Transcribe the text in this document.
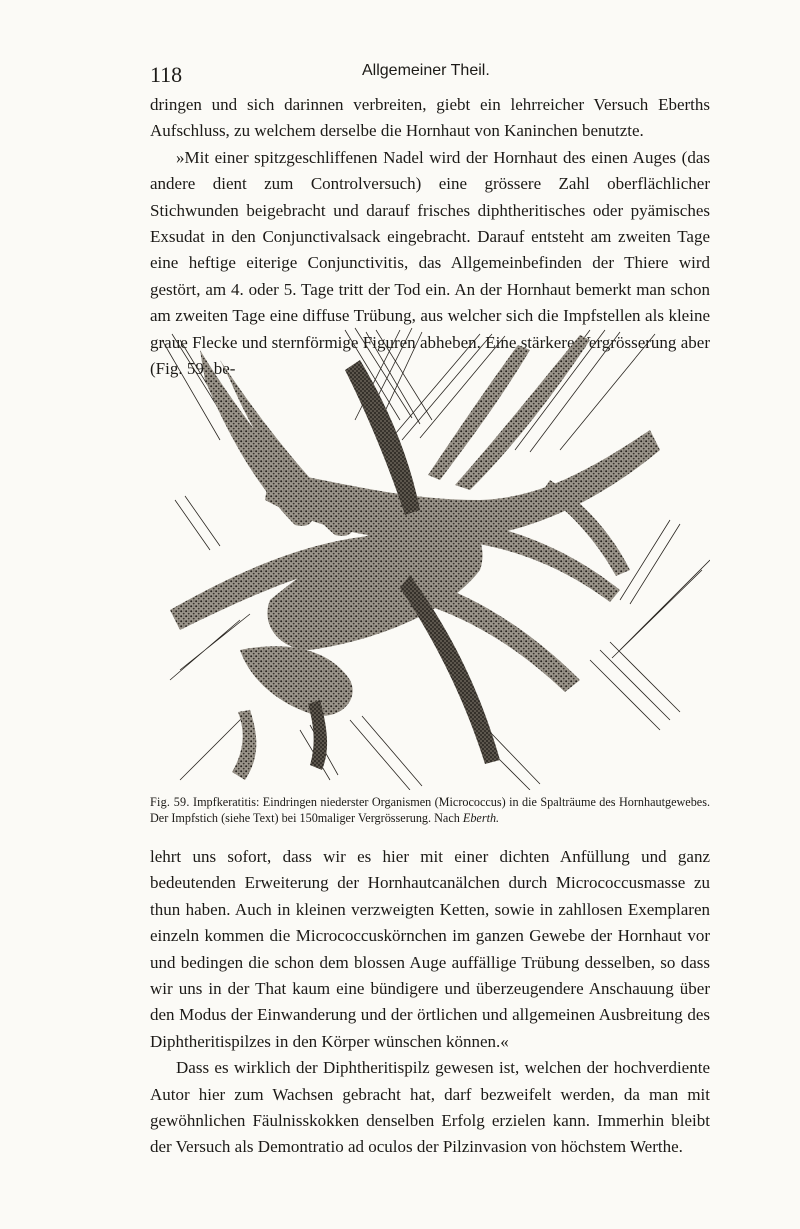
118	Allgemeiner Theil.

dringen und sich darinnen verbreiten, giebt ein lehrreicher Versuch Eberths Aufschluss, zu welchem derselbe die Hornhaut von Kaninchen benutzte.

»Mit einer spitzgeschliffenen Nadel wird der Hornhaut des einen Auges (das andere dient zum Controlversuch) eine grössere Zahl oberflächlicher Stichwunden beigebracht und darauf frisches diphtheritisches oder pyämisches Exsudat in den Conjunctivalsack eingebracht. Darauf entsteht am zweiten Tage eine heftige eiterige Conjunctivitis, das Allgemeinbefinden der Thiere wird gestört, am 4. oder 5. Tage tritt der Tod ein. An der Hornhaut bemerkt man schon am zweiten Tage eine diffuse Trübung, aus welcher sich die Impfstellen als kleine graue Flecke und sternförmige Figuren abheben. Eine stärkere Vergrösserung aber (Fig. 59) be-

Fig. 59. Impfkeratitis: Eindringen niederster Organismen (Micrococcus) in die Spalträume des Hornhautgewebes. Der Impfstich (siehe Text) bei 150maliger Vergrösserung. Nach Eberth.

lehrt uns sofort, dass wir es hier mit einer dichten Anfüllung und ganz bedeutenden Erweiterung der Hornhautcanälchen durch Micrococcusmasse zu thun haben. Auch in kleinen verzweigten Ketten, sowie in zahllosen Exemplaren einzeln kommen die Micrococcuskörnchen im ganzen Gewebe der Hornhaut vor und bedingen die schon dem blossen Auge auffällige Trübung desselben, so dass wir uns in der That kaum eine bündigere und überzeugendere Anschauung über den Modus der Einwanderung und der örtlichen und allgemeinen Ausbreitung des Diphtheritispilzes in den Körper wünschen können.«

Dass es wirklich der Diphtheritispilz gewesen ist, welchen der hochverdiente Autor hier zum Wachsen gebracht hat, darf bezweifelt werden, da man mit gewöhnlichen Fäulnisskokken denselben Erfolg erzielen kann. Immerhin bleibt der Versuch als Demontratio ad oculos der Pilzinvasion von höchstem Werthe.
